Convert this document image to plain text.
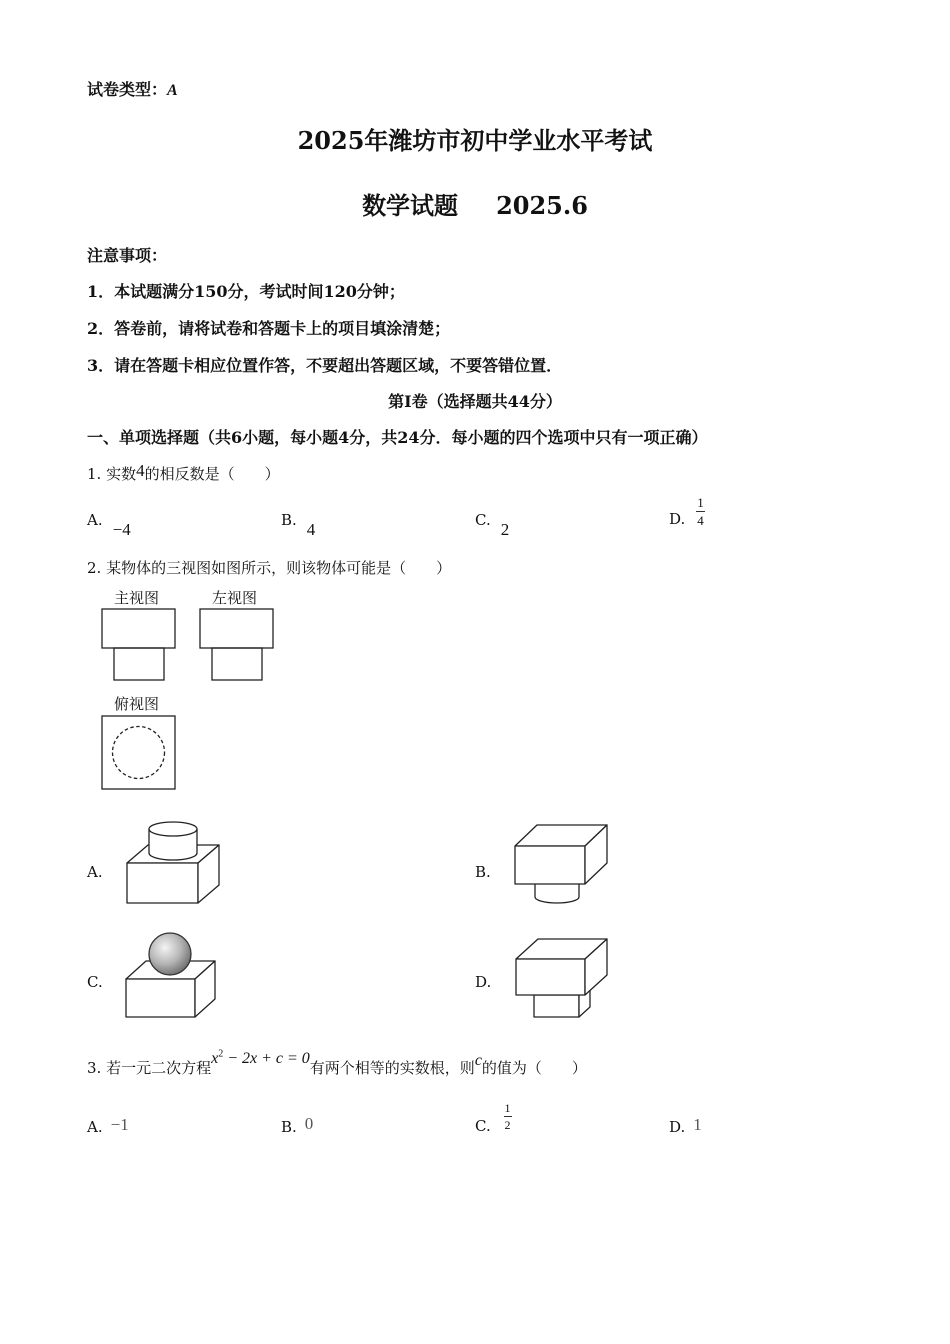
试卷类型：A
2025年潍坊市初中学业水平考试
数学试题 2025.6
注意事项：
1．本试题满分150分，考试时间120分钟；
2．答卷前，请将试卷和答题卡上的项目填涂清楚；
3．请在答题卡相应位置作答，不要超出答题区域，不要答错位置．
第I卷（选择题共44分）
一、单项选择题（共6小题，每小题4分，共24分．每小题的四个选项中只有一项正确）
1. 实数4的相反数是（　　）
A. −4	B. 4	C. 2
D. $\frac{1}{4}$
2. 某物体的三视图如图所示，则该物体可能是（　　）
主视图	左视图
俯视图
A.	B.
C.	D.
3. 若一元二次方程$x^2 - 2x + c = 0$有两个相等的实数根，则c的值为（　　）
A. −1	B. 0	C. $\frac{1}{2}$	D. 1
